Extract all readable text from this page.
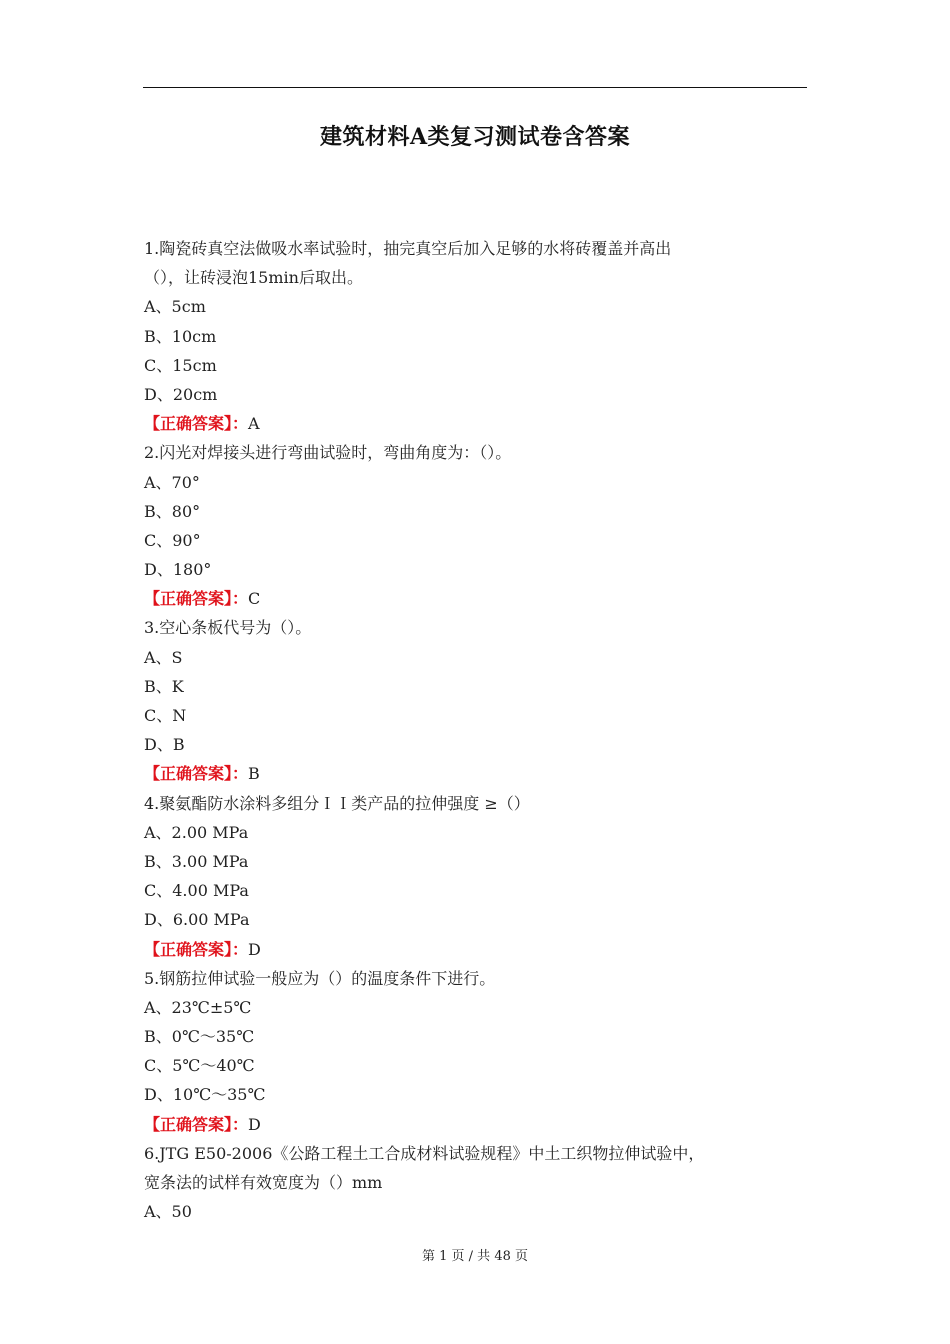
建筑材料A类复习测试卷含答案
1.陶瓷砖真空法做吸水率试验时，抽完真空后加入足够的水将砖覆盖并高出
（），让砖浸泡15min后取出。
A、5cm
B、10cm
C、15cm
D、20cm
【正确答案】：A
2.闪光对焊接头进行弯曲试验时，弯曲角度为：（）。
A、70°
B、80°
C、90°
D、180°
【正确答案】：C
3.空心条板代号为（）。
A、S
B、K
C、N
D、B
【正确答案】：B
4.聚氨酯防水涂料多组分ＩＩ类产品的拉伸强度 ≥（）
A、2.00 MPa
B、3.00 MPa
C、4.00 MPa
D、6.00 MPa
【正确答案】：D
5.钢筋拉伸试验一般应为（）的温度条件下进行。
A、23℃±5℃
B、0℃～35℃
C、5℃～40℃
D、10℃～35℃
【正确答案】：D
6.JTG E50-2006《公路工程土工合成材料试验规程》中土工织物拉伸试验中，
宽条法的试样有效宽度为（）mm
A、50
第 1 页 / 共 48 页
